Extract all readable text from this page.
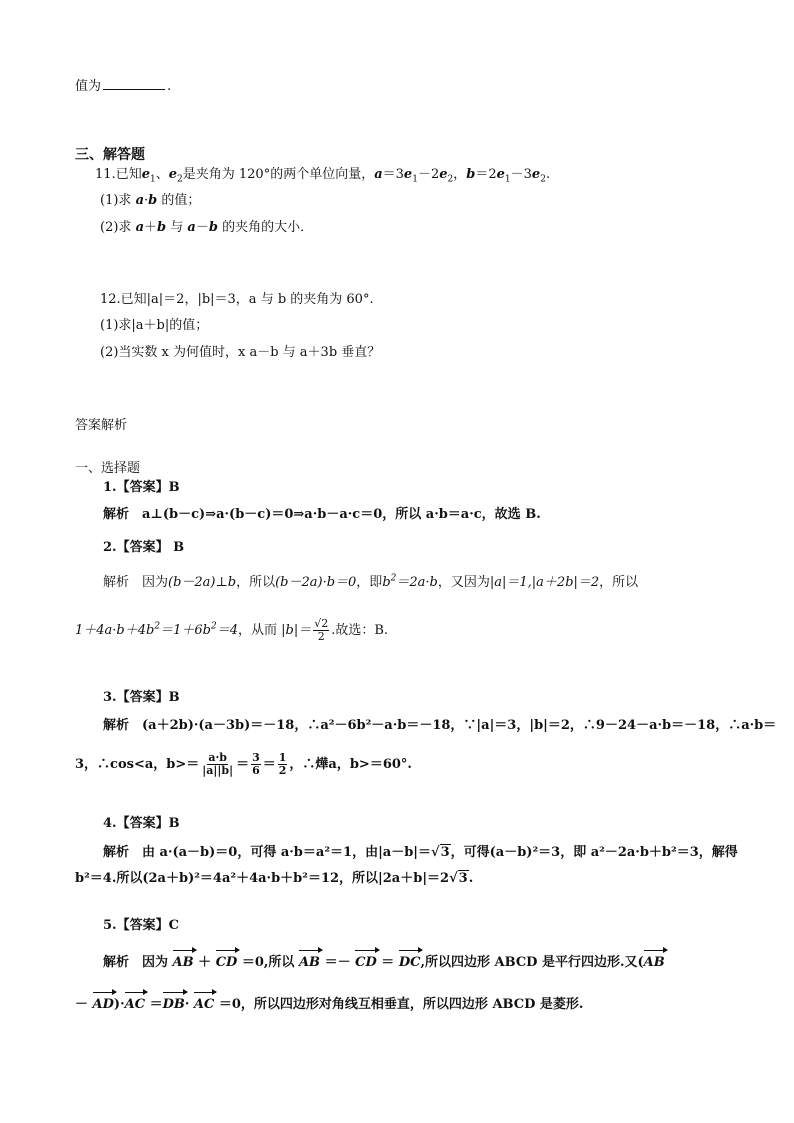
值为	.
三、解答题
11.已知$e_1$、$e_2$是夹角为 120°的两个单位向量，$a=3e_1-2e_2$，$b=2e_1-3e_2$.
(1)求 a·b 的值；
(2)求 a＋b 与 a－b 的夹角的大小．
12.已知|a|＝2，|b|＝3，a 与 b 的夹角为 60°.
(1)求|a＋b|的值；
(2)当实数 x 为何值时，x a－b 与 a＋3b 垂直？
答案解析
一、选择题
1.【答案】B
解析　a⊥(b－c)⇒a·(b－c)＝0⇒a·b－a·c＝0，所以 a·b＝a·c，故选 B.
2.【答案】 B
解析　因为(b－2a)⊥b，所以(b－2a)·b＝0，即$b^2=2a\cdot b$，又因为|a|＝1,|a＋2b|＝2，所以
$1+4a\cdot b+4b^2=1+6b^2=4$，从而 $|b|= \frac{√2}{2}$ .故选：B.
3.【答案】B
解析　(a＋2b)·(a－3b)＝－18，∴a²－6b²－a·b＝－18，∵|a|＝3，|b|＝2，∴9－24－a·b＝－18，∴a·b＝
3，∴cos<a，$b>= \frac{a\cdot b}{|a||b|} = \frac{3}{6} = \frac{1}{2}$ ，∴燁a，b>＝60°.
4.【答案】B
解析　由 a·(a－b)＝0，可得 a·b＝a²＝1，由|a－b|＝√3，可得(a－b)²＝3，即 a²－2a·b＋b²＝3，解得
b²＝4.所以(2a＋b)²＝4a²＋4a·b＋b²＝12，所以|2a＋b|＝2√3.
5.【答案】C
解析　因为 AB ＋ CD ＝0,所以 AB ＝－ CD ＝ DC,所以四边形 ABCD 是平行四边形.又(AB
－ AD)·AC ＝DB· AC ＝0，所以四边形对角线互相垂直，所以四边形 ABCD 是菱形.
